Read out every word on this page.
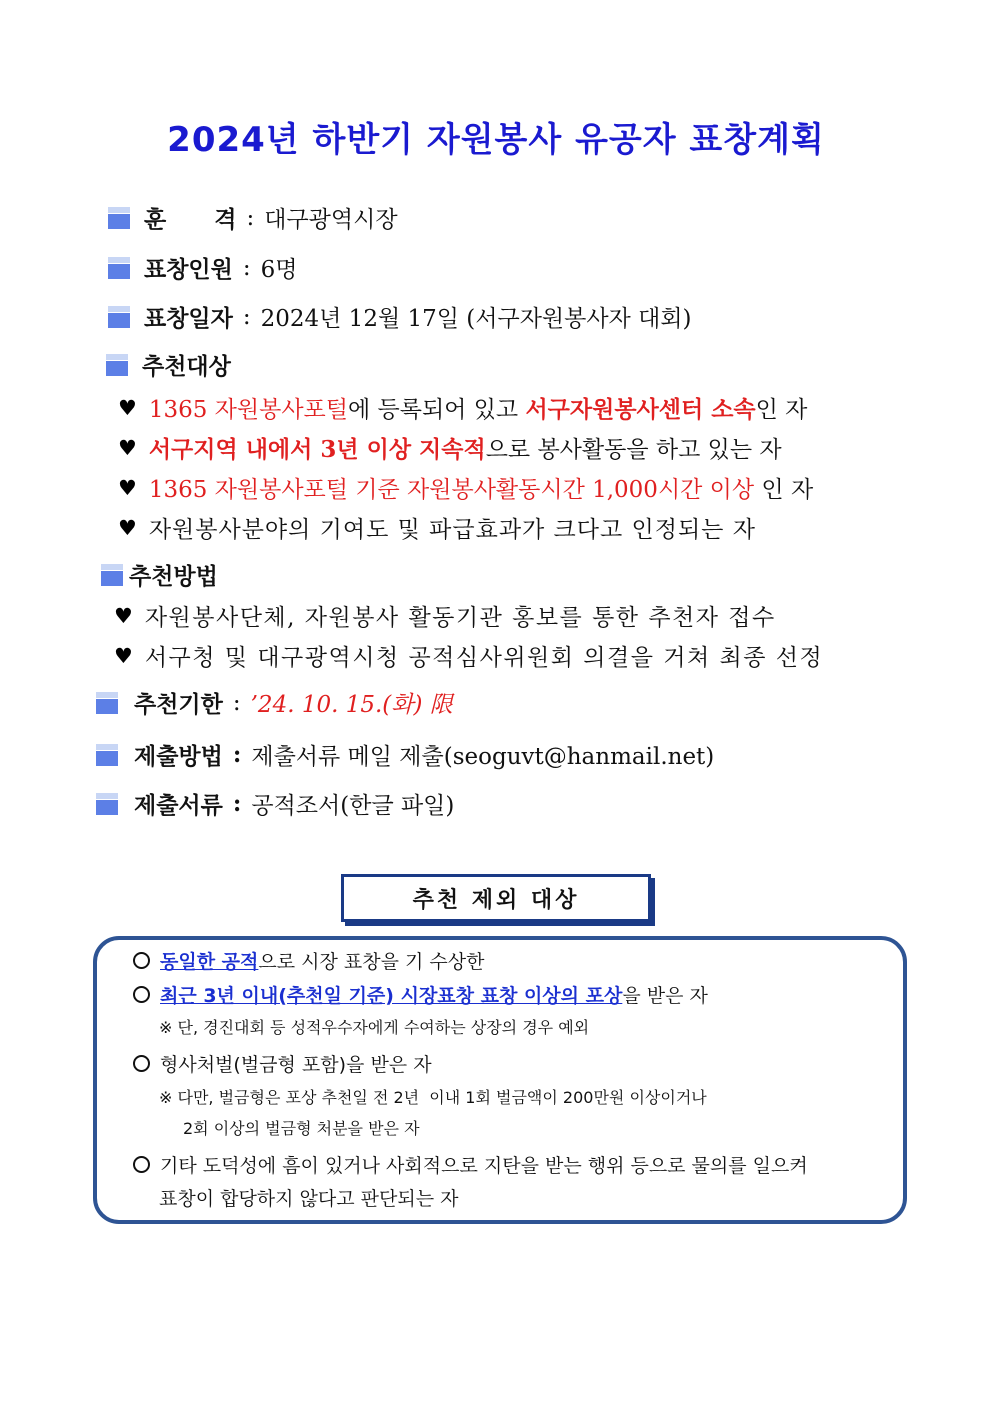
2024년 하반기 자원봉사 유공자 표창계획
훈      격 : 대구광역시장
표창인원 : 6명
표창일자 : 2024년 12월 17일 (서구자원봉사자 대회)
추천대상
♥ 1365 자원봉사포털 에 등록되어 있고 서구자원봉사센터 소속 인 자
♥ 서구지역 내에서 3년 이상 지속적 으로 봉사활동을 하고 있는 자
♥ 1365 자원봉사포털 기준 자원봉사활동시간 1,000시간 이상 인 자
♥ 자원봉사분야의 기여도 및 파급효과가 크다고 인정되는 자
추천방법
♥ 자원봉사단체, 자원봉사 활동기관 홍보를 통한 추천자 접수
♥ 서구청 및 대구광역시청 공적심사위원회 의결을 거쳐 최종 선정
추천기한 : ’24. 10. 15.(화) 限
제출방법 : 제출서류 메일 제출(seoguvt@hanmail.net)
제출서류 : 공적조서(한글 파일)
추천 제외 대상
동일한 공적으로 시장 표창을 기 수상한
최근 3년 이내(추천일 기준) 시장표창 표창 이상의 포상을 받은 자
※ 단, 경진대회 등 성적우수자에게 수여하는 상장의 경우 예외
형사처벌(벌금형 포함)을 받은 자
※ 다만, 벌금형은 포상 추천일 전 2년  이내 1회 벌금액이 200만원 이상이거나
2회 이상의 벌금형 처분을 받은 자
기타 도덕성에 흠이 있거나 사회적으로 지탄을 받는 행위 등으로 물의를 일으켜
표창이 합당하지 않다고 판단되는 자
